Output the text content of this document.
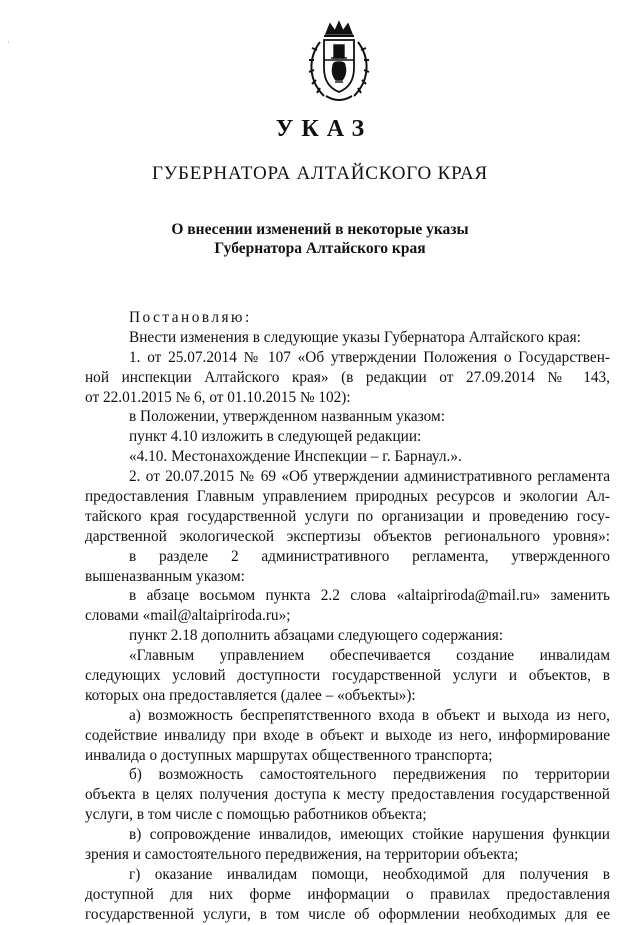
·
УКАЗ
ГУБЕРНАТОРА АЛТАЙСКОГО КРАЯ
О внесении изменений в некоторые указы
Губернатора Алтайского края

Постановляю:

Внести изменения в следующие указы Губернатора Алтайского края:

1. от 25.07.2014 № 107 «Об утверждении Положения о Государствен-

ной инспекции Алтайского края» (в редакции от 27.09.2014 № 143,

от 22.01.2015 № 6, от 01.10.2015 № 102):

в Положении, утвержденном названным указом:

пункт 4.10 изложить в следующей редакции:

«4.10. Местонахождение Инспекции – г. Барнаул.».

2. от 20.07.2015 № 69 «Об утверждении административного регламента

предоставления Главным управлением природных ресурсов и экологии Ал-

тайского края государственной услуги по организации и проведению госу-

дарственной экологической экспертизы объектов регионального уровня»:

в разделе 2 административного регламента, утвержденного

вышеназванным указом:

в абзаце восьмом пункта 2.2 слова «altaipriroda@mail.ru» заменить

словами «mail@altaipriroda.ru»;

пункт 2.18 дополнить абзацами следующего содержания:

«Главным управлением обеспечивается создание инвалидам

следующих условий доступности государственной услуги и объектов, в

которых она предоставляется (далее – «объекты»):

а) возможность беспрепятственного входа в объект и выхода из него,

содействие инвалиду при входе в объект и выходе из него, информирование

инвалида о доступных маршрутах общественного транспорта;

б) возможность самостоятельного передвижения по территории

объекта в целях получения доступа к месту предоставления государственной

услуги, в том числе с помощью работников объекта;

в) сопровождение инвалидов, имеющих стойкие нарушения функции

зрения и самостоятельного передвижения, на территории объекта;

г) оказание инвалидам помощи, необходимой для получения в

доступной для них форме информации о правилах предоставления

государственной услуги, в том числе об оформлении необходимых для ее
